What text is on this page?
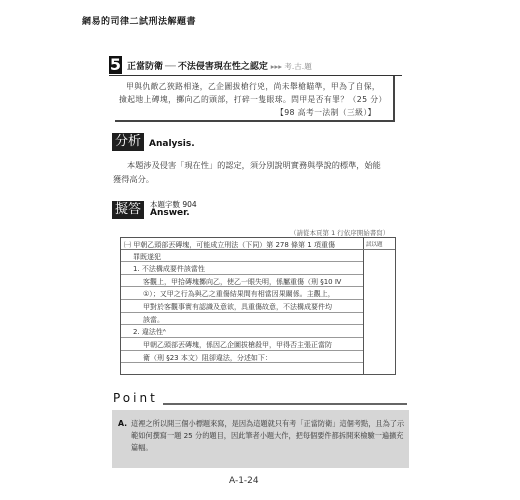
網易的司律二試刑法解題書
5 正當防衛 ── 不法侵害現在性之認定 ▸▸▸ 考.古.題
甲與仇敵乙狹路相逢，乙企圖拔槍行兇，尚未舉槍瞄準，甲為了自保，
撿起地上磚塊，擲向乙的頭部，打碎一隻眼球。問甲是否有罪？（25 分）
【98 高考一法制（三級）】
分析 Analysis.
本題涉及侵害「現在性」的認定，須分別說明實務與學說的標準，始能
獲得高分。
擬答	本題字數 904
Answer.
（請從本頁第 1 行依序開始書寫）
試以題
㈠ 甲朝乙頭部丟磚塊，可能成立刑法（下同）第 278 條第 1 項重傷
罪既遂犯
1. 不法構成要件該當性
客觀上，甲拾磚塊擲向乙，使乙一眼失明，係屬重傷（刑 §10 Ⅳ
①）；又甲之行為與乙之重傷結果間有相當因果關係。主觀上，
甲對於客觀事實有認識及意欲，具重傷故意，不法構成要件均
該當。
2. 違法性ᴬ
甲朝乙頭部丟磚塊，係因乙企圖拔槍殺甲，甲得否主張正當防
衛（刑 §23 本文）阻卻違法，分述如下：
Point
A. 這裡之所以開三個小標題來寫，是因為這題就只有考「正當防衛」這個考點，且為了示
範如何撰寫一題 25 分的題目，因此筆者小題大作，把每個要件都拆開來檢驗一遍擴充
篇幅。
A-1-24
